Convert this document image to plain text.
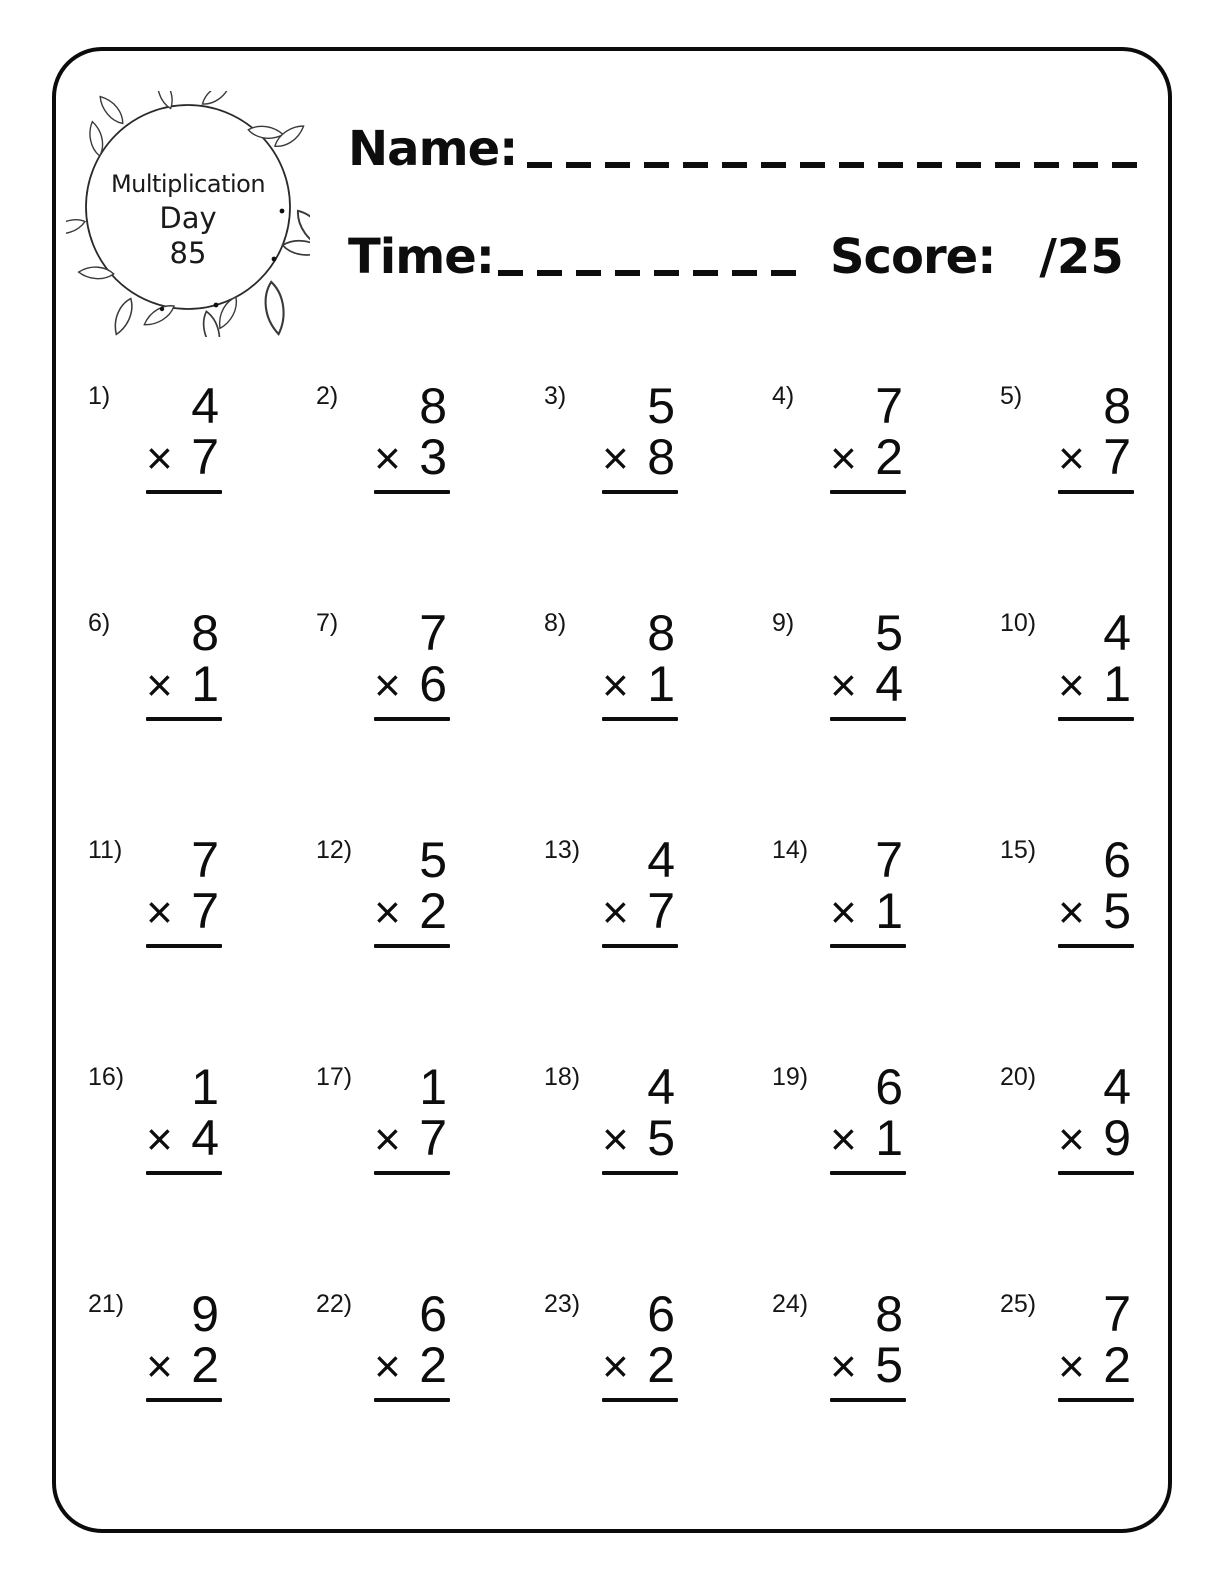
Multiplication
Day
85
Name:
Time:	Score: /25
1)	4
× 7
2)	8
× 3
3)	5
× 8
4)	7
× 2
5)	8
× 7
6)	8
× 1
7)	7
× 6
8)	8
× 1
9)	5
× 4
10)	4
× 1
11)	7
× 7
12)	5
× 2
13)	4
× 7
14)	7
× 1
15)	6
× 5
16)	1
× 4
17)	1
× 7
18)	4
× 5
19)	6
× 1
20)	4
× 9
21)	9
× 2
22)	6
× 2
23)	6
× 2
24)	8
× 5
25)	7
× 2
